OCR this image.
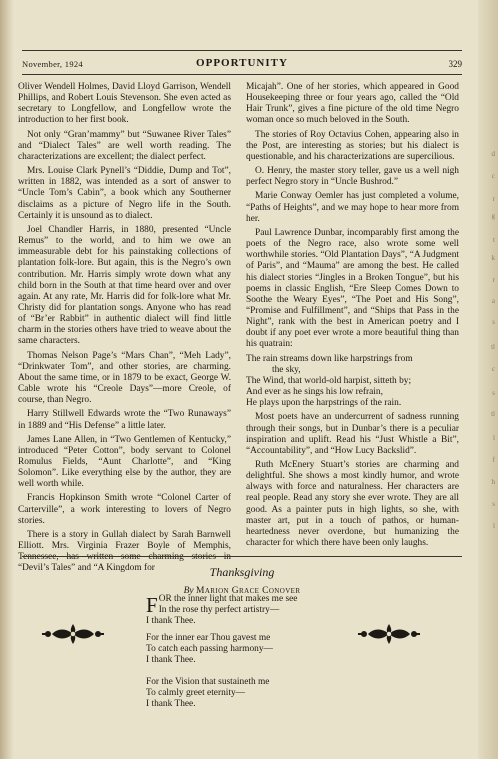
d
c
r
g
t
k
r
a
s
tl
c
s
tl
l
f
h
s
l
November, 1924	OPPORTUNITY	329

Oliver Wendell Holmes, David Lloyd Garrison, Wendell Phillips, and Robert Louis Stevenson. She even acted as secretary to Longfellow, and Longfellow wrote the introduction to her first book.

Not only “Gran’mammy” but “Suwanee River Tales” and “Dialect Tales” are well worth reading. The characterizations are excellent; the dialect perfect.

Mrs. Louise Clark Pynell’s “Diddie, Dump and Tot”, written in 1882, was intended as a sort of answer to “Uncle Tom’s Cabin”, a book which any Southerner disclaims as a picture of Negro life in the South. Certainly it is unsound as to dialect.

Joel Chandler Harris, in 1880, presented “Uncle Remus” to the world, and to him we owe an immeasurable debt for his painstaking collections of plantation folk-lore. But again, this is the Negro’s own contribution. Mr. Harris simply wrote down what any child born in the South at that time heard over and over again. At any rate, Mr. Harris did for folk-lore what Mr. Christy did for plantation songs. Anyone who has read of “Br’er Rabbit” in authentic dialect will find little charm in the stories others have tried to weave about the same characters.

Thomas Nelson Page’s “Mars Chan”, “Meh Lady”, “Drinkwater Tom”, and other stories, are charming. About the same time, or in 1879 to be exact, George W. Cable wrote his “Creole Days”—more Creole, of course, than Negro.

Harry Stillwell Edwards wrote the “Two Runaways” in 1889 and “His Defense” a little later.

James Lane Allen, in “Two Gentlemen of Kentucky,” introduced “Peter Cotton”, body servant to Colonel Romulus Fields, “Aunt Charlotte”, and “King Solomon”. Like everything else by the author, they are well worth while.

Francis Hopkinson Smith wrote “Colonel Carter of Carterville”, a work interesting to lovers of Negro stories.

There is a story in Gullah dialect by Sarah Barnwell Elliott. Mrs. Virginia Frazer Boyle of Memphis, Tennessee, has written some charming stories in “Devil’s Tales” and “A Kingdom for

Micajah”. One of her stories, which appeared in Good Housekeeping three or four years ago, called the “Old Hair Trunk”, gives a fine picture of the old time Negro woman once so much beloved in the South.

The stories of Roy Octavius Cohen, appearing also in the Post, are interesting as stories; but his dialect is questionable, and his characterizations are supercilious.

O. Henry, the master story teller, gave us a well nigh perfect Negro story in “Uncle Bushrod.”

Marie Conway Oemler has just completed a volume, “Paths of Heights”, and we may hope to hear more from her.

Paul Lawrence Dunbar, incomparably first among the poets of the Negro race, also wrote some well worthwhile stories. “Old Plantation Days”, “A Judgment of Paris”, and “Mauma” are among the best. He called his dialect stories “Jingles in a Broken Tongue”, but his poems in classic English, “Ere Sleep Comes Down to Soothe the Weary Eyes”, “The Poet and His Song”, “Promise and Fulfillment”, and “Ships that Pass in the Night”, rank with the best in American poetry and I doubt if any poet ever wrote a more beautiful thing than his quatrain:

The rain streams down like harpstrings from
the sky,
The Wind, that world-old harpist, sitteth by;
And ever as he sings his low refrain,
He plays upon the harpstrings of the rain.

Most poets have an undercurrent of sadness running through their songs, but in Dunbar’s there is a peculiar inspiration and uplift. Read his “Just Whistle a Bit”, “Accountability”, and “How Lucy Backslid”.

Ruth McEnery Stuart’s stories are charming and delightful. She shows a most kindly humor, and wrote always with force and naturalness. Her characters are real people. Read any story she ever wrote. They are all good. As a painter puts in high lights, so she, with master art, put in a touch of pathos, or human-heartedness never overdone, but humanizing the character for which there have been only laughs.

Thanksgiving
By Marion Grace Conover
F OR the inner light that makes me see
In the rose thy perfect artistry—
I thank Thee.
For the inner ear Thou gavest me
To catch each passing harmony—
I thank Thee.
For the Vision that sustaineth me
To calmly greet eternity—
I thank Thee.
